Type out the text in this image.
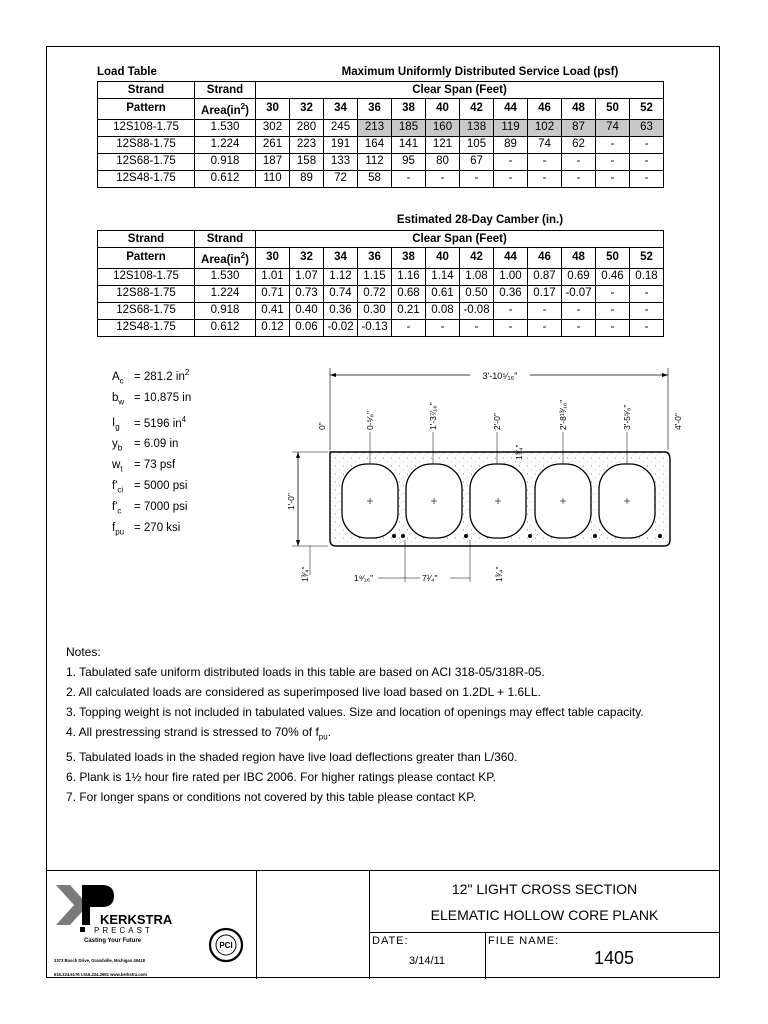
Load Table	Maximum Uniformly Distributed Service Load (psf)
Strand	Strand	Clear Span (Feet)											
Pattern	$Area(in^2)$	30	32	34	36	38	40	42	44	46	48	50	52
12S108-1.75	1.530	302	280	245	213	185	160	138	119	102	87	74	63
12S88-1.75	1.224	261	223	191	164	141	121	105	89	74	62	-	-
12S68-1.75	0.918	187	158	133	112	95	80	67	-	-	-	-	-
12S48-1.75	0.612	110	89	72	58	-	-	-	-	-	-	-	-
Estimated 28-Day Camber (in.)
Strand	Strand	Clear Span (Feet)											
Pattern	$Area(in^2)$	30	32	34	36	38	40	42	44	46	48	50	52
12S108-1.75	1.530	1.01	1.07	1.12	1.15	1.16	1.14	1.08	1.00	0.87	0.69	0.46	0.18
12S88-1.75	1.224	0.71	0.73	0.74	0.72	0.68	0.61	0.50	0.36	0.17	-0.07	-	-
12S68-1.75	0.918	0.41	0.40	0.36	0.30	0.21	0.08	-0.08	-	-	-	-	-
12S48-1.75	0.612	0.12	0.06	-0.02	-0.13	-	-	-	-	-	-	-	-
$A_c = 281.2$ $in^2$
$b_w = 10.875$ in
$I_g = 5196$ $in^4$
$y_b = 6.09$ in
$w_t = 73$ psf
$f'_{ci} = 5000$ psi
$f'_c = 7000$ psi
$f_{pu} = 270$ ksi
3'-10⁵⁄₁₆"
0"	0-⁵⁄₈"	1'-3⁷⁄₁₆"	2'-0"	2'-8¹³⁄₁₆"	3'-5⁵⁄₈"	4'-0"
1'-0"
1³⁄₄"	1⁹⁄₁₆"	7¹⁄₄"	1³⁄₄"
Notes:
1. Tabulated safe uniform distributed loads in this table are based on ACI 318-05/318R-05.
2. All calculated loads are considered as superimposed live load based on 1.2DL + 1.6LL.
3. Topping weight is not included in tabulated values. Size and location of openings may effect table capacity.
4. All prestressing strand is stressed to 70% of $f_{pu}$.
5. Tabulated loads in the shaded region have live load deflections greater than L/360.
6. Plank is 1½ hour fire rated per IBC 2006. For higher ratings please contact KP.
7. For longer spans or conditions not covered by this table please contact KP.
KERKSTRA
PRECAST
Casting Your Future
3373 Busch Drive, Grandville, Michigan 49418
616.224.6176 t.616.224.2651 www.kerkstra.com
PCI
12" LIGHT CROSS SECTION
ELEMATIC HOLLOW CORE PLANK
DATE:
3/14/11
FILE NAME:
1405
